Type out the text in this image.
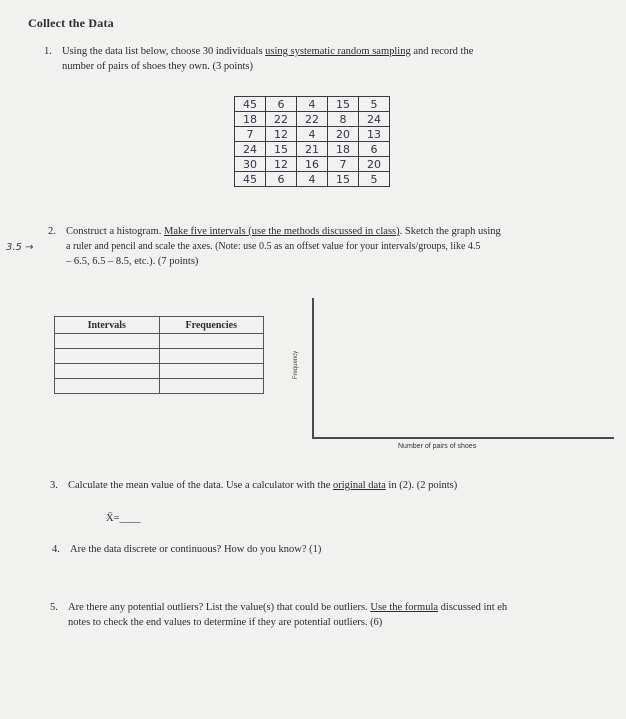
Collect the Data
1. Using the data list below, choose 30 individuals using systematic random sampling and record the
number of pairs of shoes they own. (3 points)
45	6	4	15	5
18	22	22	8	24
7	12	4	20	13
24	15	21	18	6
30	12	16	7	20
45	6	4	15	5
3.5 →
2. Construct a histogram. Make five intervals (use the methods discussed in class). Sketch the graph using
a ruler and pencil and scale the axes. (Note: use 0.5 as an offset value for your intervals/groups, like 4.5
– 6.5, 6.5 – 8.5, etc.). (7 points)
Intervals	Frequencies

Frequency
Number of pairs of shoes
3. Calculate the mean value of the data. Use a calculator with the original data in (2). (2 points)
X̄=____
4. Are the data discrete or continuous? How do you know? (1)
5. Are there any potential outliers? List the value(s) that could be outliers. Use the formula discussed int eh
notes to check the end values to determine if they are potential outliers. (6)
